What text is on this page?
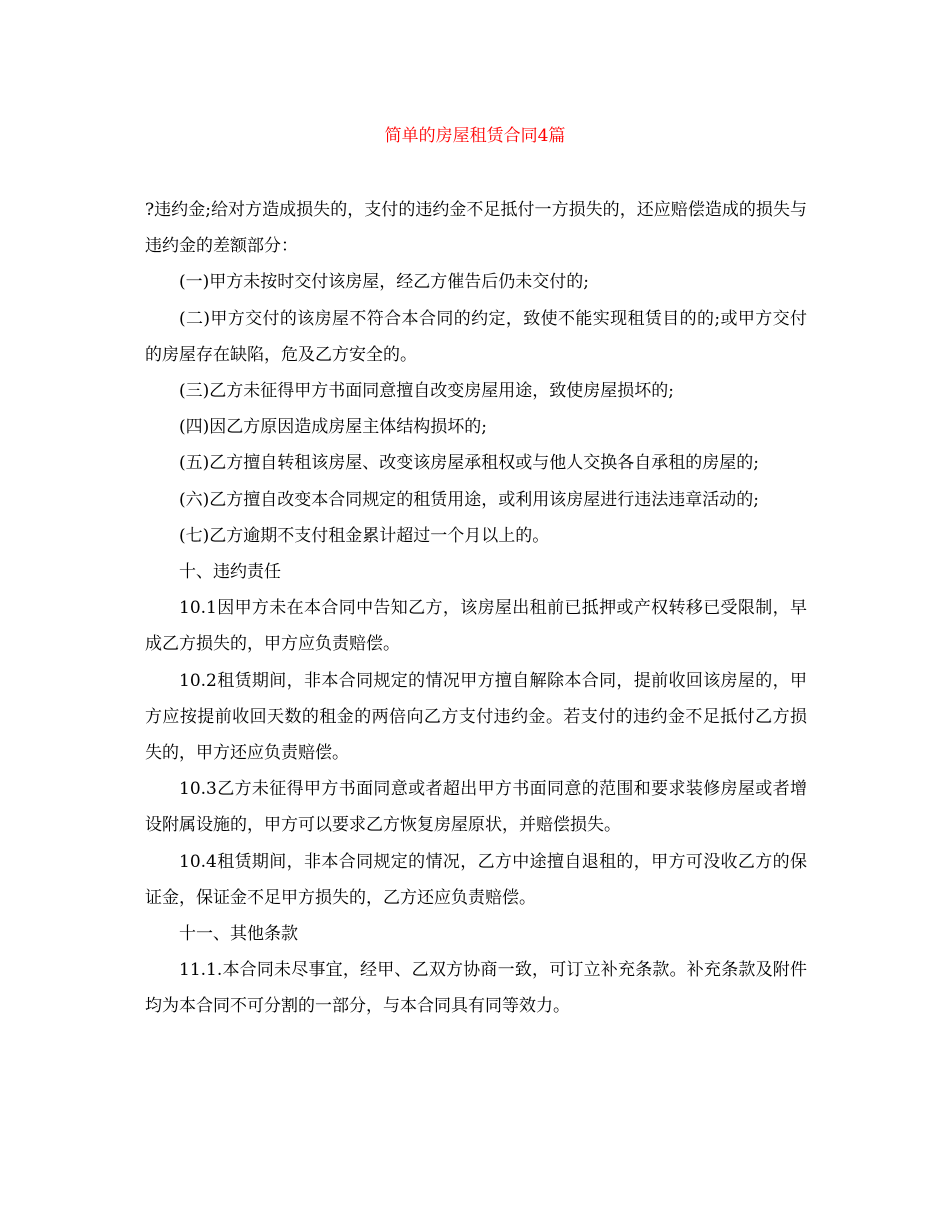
简单的房屋租赁合同4篇

?违约金;给对方造成损失的，支付的违约金不足抵付一方损失的，还应赔偿造成的损失与违约金的差额部分：

(一)甲方未按时交付该房屋，经乙方催告后仍未交付的;

(二)甲方交付的该房屋不符合本合同的约定，致使不能实现租赁目的的;或甲方交付的房屋存在缺陷，危及乙方安全的。

(三)乙方未征得甲方书面同意擅自改变房屋用途，致使房屋损坏的;

(四)因乙方原因造成房屋主体结构损坏的;

(五)乙方擅自转租该房屋、改变该房屋承租权或与他人交换各自承租的房屋的;

(六)乙方擅自改变本合同规定的租赁用途，或利用该房屋进行违法违章活动的;

(七)乙方逾期不支付租金累计超过一个月以上的。

十、违约责任

10.1因甲方未在本合同中告知乙方，该房屋出租前已抵押或产权转移已受限制，早成乙方损失的，甲方应负责赔偿。

10.2租赁期间，非本合同规定的情况甲方擅自解除本合同，提前收回该房屋的，甲方应按提前收回天数的租金的两倍向乙方支付违约金。若支付的违约金不足抵付乙方损失的，甲方还应负责赔偿。

10.3乙方未征得甲方书面同意或者超出甲方书面同意的范围和要求装修房屋或者增设附属设施的，甲方可以要求乙方恢复房屋原状，并赔偿损失。

10.4租赁期间，非本合同规定的情况，乙方中途擅自退租的，甲方可没收乙方的保证金，保证金不足甲方损失的，乙方还应负责赔偿。

十一、其他条款

11.1.本合同未尽事宜，经甲、乙双方协商一致，可订立补充条款。补充条款及附件均为本合同不可分割的一部分，与本合同具有同等效力。
